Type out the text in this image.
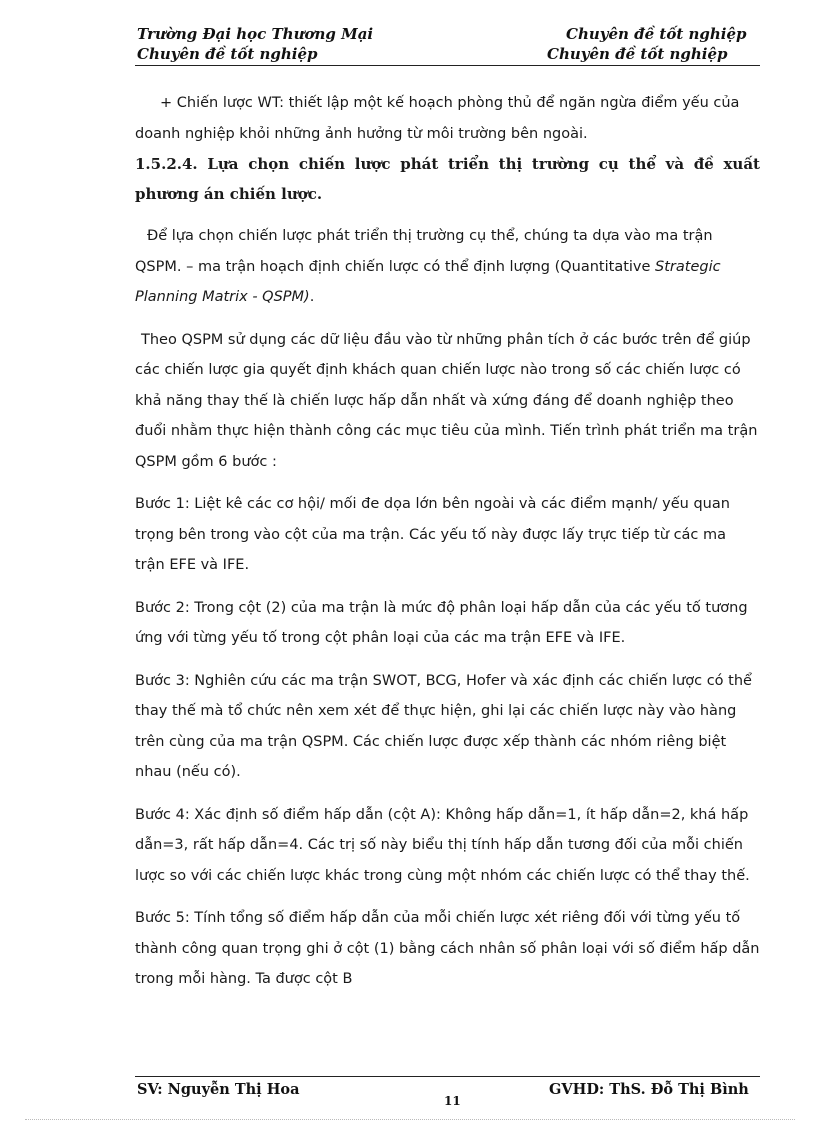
Trường Đại học Thương Mại	Chuyên đề tốt nghiệp
Chuyên đề tốt nghiệp	Chuyên đề tốt nghiệp

+ Chiến lược WT: thiết lập một kế hoạch phòng thủ để ngăn ngừa điểm yếu của

doanh nghiệp khỏi những ảnh hưởng từ môi trường bên ngoài.

1.5.2.4. Lựa chọn chiến lược phát triển thị trường cụ thể và đề xuất phương án chiến lược.

Để lựa chọn chiến lược phát triển thị trường cụ thể, chúng ta dựa vào ma trận

QSPM. – ma trận hoạch định chiến lược có thể định lượng (Quantitative Strategic

Planning Matrix - QSPM).

Theo QSPM sử dụng các dữ liệu đầu vào từ những phân tích ở các bước trên để giúp các chiến lược gia quyết định khách quan chiến lược nào trong số các chiến lược có khả năng thay thế là chiến lược hấp dẫn nhất và xứng đáng để doanh nghiệp theo đuổi nhằm thực hiện thành công các mục tiêu của mình. Tiến trình phát triển ma trận QSPM gồm 6 bước :

Bước 1: Liệt kê các cơ hội/ mối đe dọa lớn bên ngoài và các điểm mạnh/ yếu quan trọng bên trong vào cột của ma trận. Các yếu tố này được lấy trực tiếp từ các ma trận EFE và IFE.

Bước 2: Trong cột (2) của ma trận là mức độ phân loại hấp dẫn của các yếu tố tương ứng với từng yếu tố trong cột phân loại của các ma trận EFE và IFE.

Bước 3: Nghiên cứu các ma trận SWOT, BCG, Hofer và xác định các chiến lược có thể thay thế mà tổ chức nên xem xét để thực hiện, ghi lại các chiến lược này vào hàng trên cùng của ma trận QSPM. Các chiến lược được xếp thành các nhóm riêng biệt nhau (nếu có).

Bước 4: Xác định số điểm hấp dẫn (cột A): Không hấp dẫn=1, ít hấp dẫn=2, khá hấp dẫn=3, rất hấp dẫn=4. Các trị số này biểu thị tính hấp dẫn tương đối của mỗi chiến lược so với các chiến lược khác trong cùng một nhóm các chiến lược có thể thay thế.

Bước 5: Tính tổng số điểm hấp dẫn của mỗi chiến lược xét riêng đối với từng yếu tố thành công quan trọng ghi ở cột (1) bằng cách nhân số phân loại với số điểm hấp dẫn trong mỗi hàng. Ta được cột B

SV: Nguyễn Thị Hoa
11
GVHD: ThS. Đỗ Thị Bình
